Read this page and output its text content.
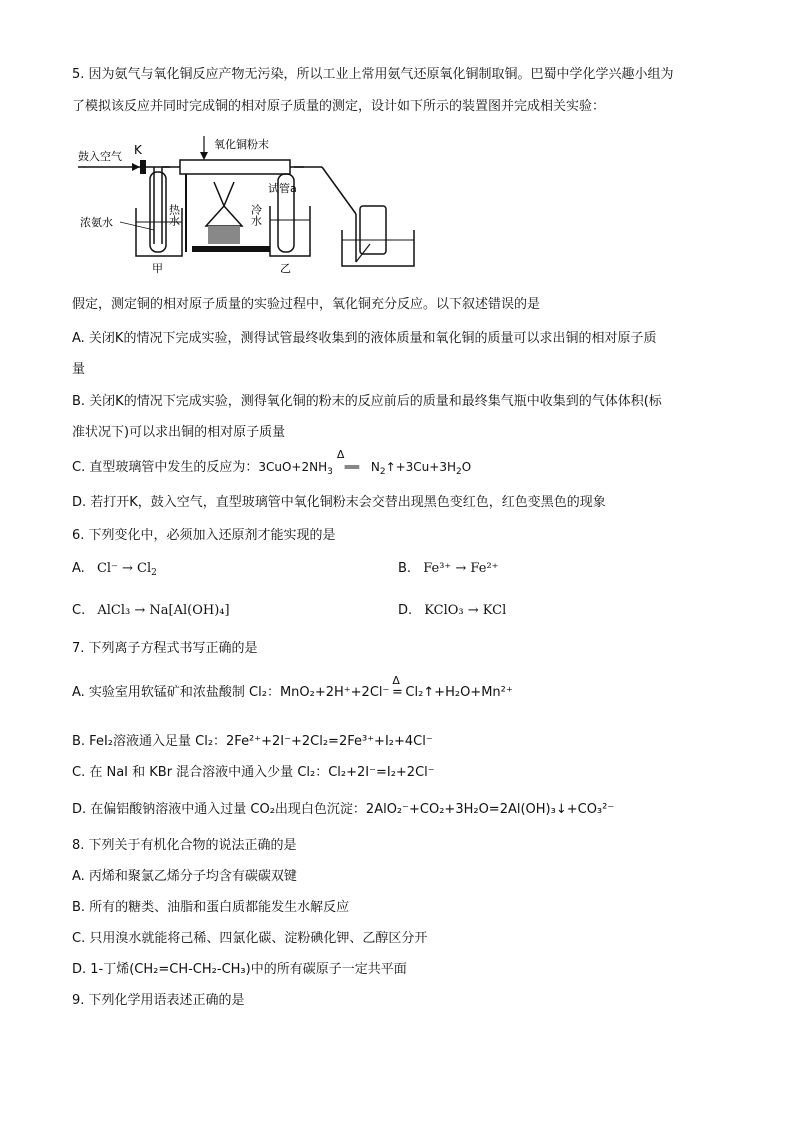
5. 因为氨气与氧化铜反应产物无污染，所以工业上常用氨气还原氧化铜制取铜。巴蜀中学化学兴趣小组为
了模拟该反应并同时完成铜的相对原子质量的测定，设计如下所示的装置图并完成相关实验：
鼓入空气 K
浓氨水	热水
甲
氧化铜粉末
试管a
冷水
乙
假定，测定铜的相对原子质量的实验过程中，氧化铜充分反应。以下叙述错误的是
A. 关闭K的情况下完成实验，测得试管最终收集到的液体质量和氧化铜的质量可以求出铜的相对原子质
量
B. 关闭K的情况下完成实验，测得氧化铜的粉末的反应前后的质量和最终集气瓶中收集到的气体体积(标
准状况下)可以求出铜的相对原子质量
C. 直型玻璃管中发生的反应为：$3CuO+2NH_3$
Δ
══ $N_2↑+3Cu+3H_2O$
D. 若打开K，鼓入空气，直型玻璃管中氧化铜粉末会交替出现黑色变红色，红色变黑色的现象
6. 下列变化中，必须加入还原剂才能实现的是
A. $Cl^- \to Cl_2$	B. Fe³⁺ → Fe²⁺
C. AlCl₃ → Na[Al(OH)₄]	D. KClO₃ → KCl
7. 下列离子方程式书写正确的是
A. 实验室用软锰矿和浓盐酸制 Cl₂：MnO₂+2H⁺+2Cl⁻
Δ
= Cl₂↑+H₂O+Mn²⁺
B. FeI₂溶液通入足量 Cl₂：2Fe²⁺+2I⁻+2Cl₂=2Fe³⁺+I₂+4Cl⁻
C. 在 NaI 和 KBr 混合溶液中通入少量 Cl₂：Cl₂+2I⁻=I₂+2Cl⁻
D. 在偏铝酸钠溶液中通入过量 CO₂出现白色沉淀：2AlO₂⁻+CO₂+3H₂O=2Al(OH)₃↓+CO₃²⁻
8. 下列关于有机化合物的说法正确的是
A. 丙烯和聚氯乙烯分子均含有碳碳双键
B. 所有的糖类、油脂和蛋白质都能发生水解反应
C. 只用溴水就能将己稀、四氯化碳、淀粉碘化钾、乙醇区分开
D. 1-丁烯(CH₂=CH-CH₂-CH₃)中的所有碳原子一定共平面
9. 下列化学用语表述正确的是
